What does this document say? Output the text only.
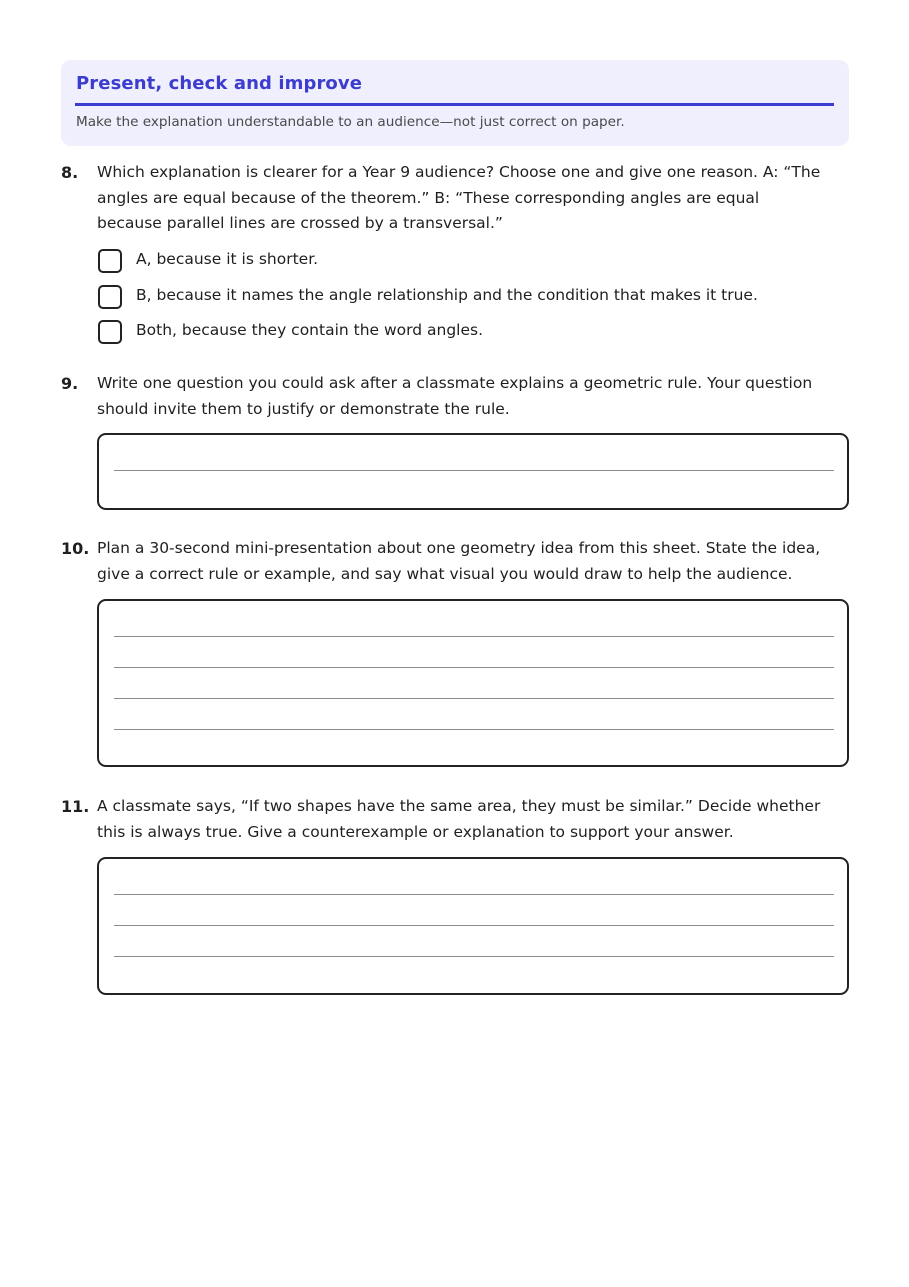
Present, check and improve
Make the explanation understandable to an audience—not just correct on paper.
8. Which explanation is clearer for a Year 9 audience? Choose one and give one reason. A: “The angles are equal because of the theorem.” B: “These corresponding angles are equal because parallel lines are crossed by a transversal.”
A, because it is shorter.
B, because it names the angle relationship and the condition that makes it true.
Both, because they contain the word angles.
9. Write one question you could ask after a classmate explains a geometric rule. Your question should invite them to justify or demonstrate the rule.
10. Plan a 30-second mini-presentation about one geometry idea from this sheet. State the idea, give a correct rule or example, and say what visual you would draw to help the audience.
11. A classmate says, “If two shapes have the same area, they must be similar.” Decide whether this is always true. Give a counterexample or explanation to support your answer.
